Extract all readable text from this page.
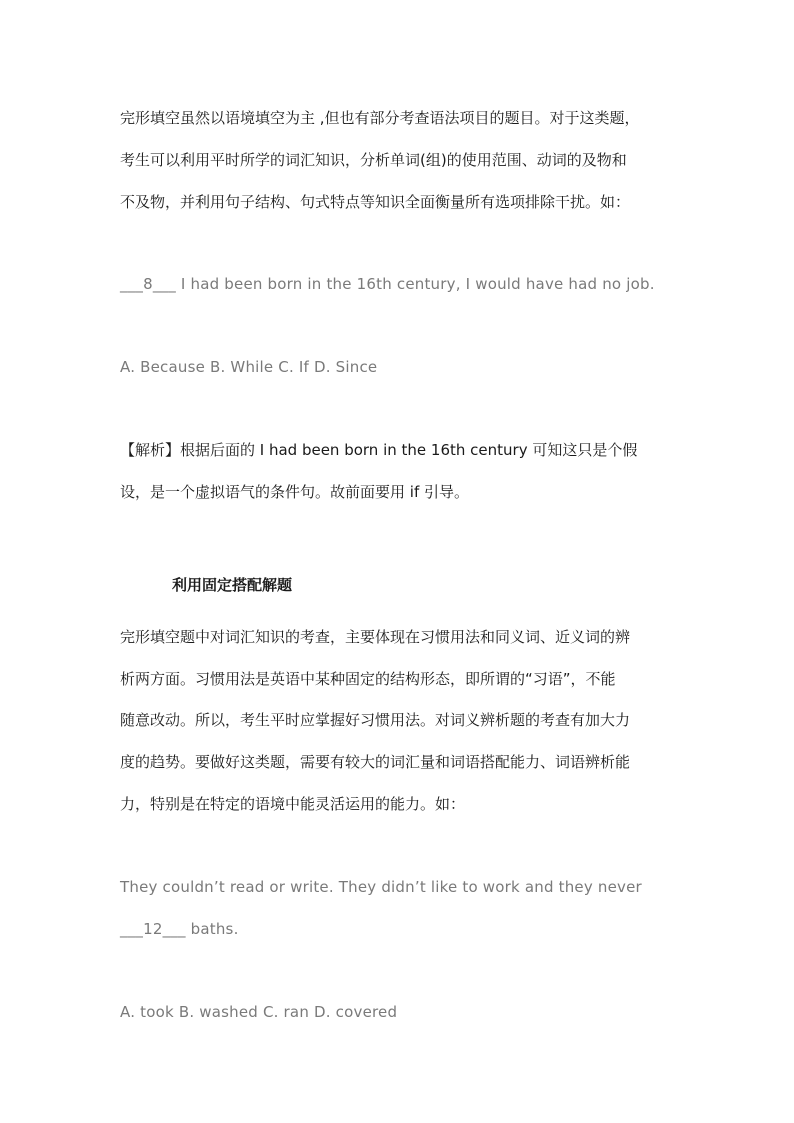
完形填空虽然以语境填空为主 ,但也有部分考查语法项目的题目。对于这类题，
考生可以利用平时所学的词汇知识，分析单词(组)的使用范围、动词的及物和
不及物，并利用句子结构、句式特点等知识全面衡量所有选项排除干扰。如：
___8___ I had been born in the 16th century, I would have had no job.
A. Because B. While C. If D. Since
【解析】根据后面的 I had been born in the 16th century 可知这只是个假
设，是一个虚拟语气的条件句。故前面要用 if 引导。
利用固定搭配解题
完形填空题中对词汇知识的考查，主要体现在习惯用法和同义词、近义词的辨
析两方面。习惯用法是英语中某种固定的结构形态，即所谓的“习语”，不能
随意改动。所以，考生平时应掌握好习惯用法。对词义辨析题的考查有加大力
度的趋势。要做好这类题，需要有较大的词汇量和词语搭配能力、词语辨析能
力，特别是在特定的语境中能灵活运用的能力。如：
They couldn’t read or write. They didn’t like to work and they never
___12___ baths.
A. took B. washed C. ran D. covered
